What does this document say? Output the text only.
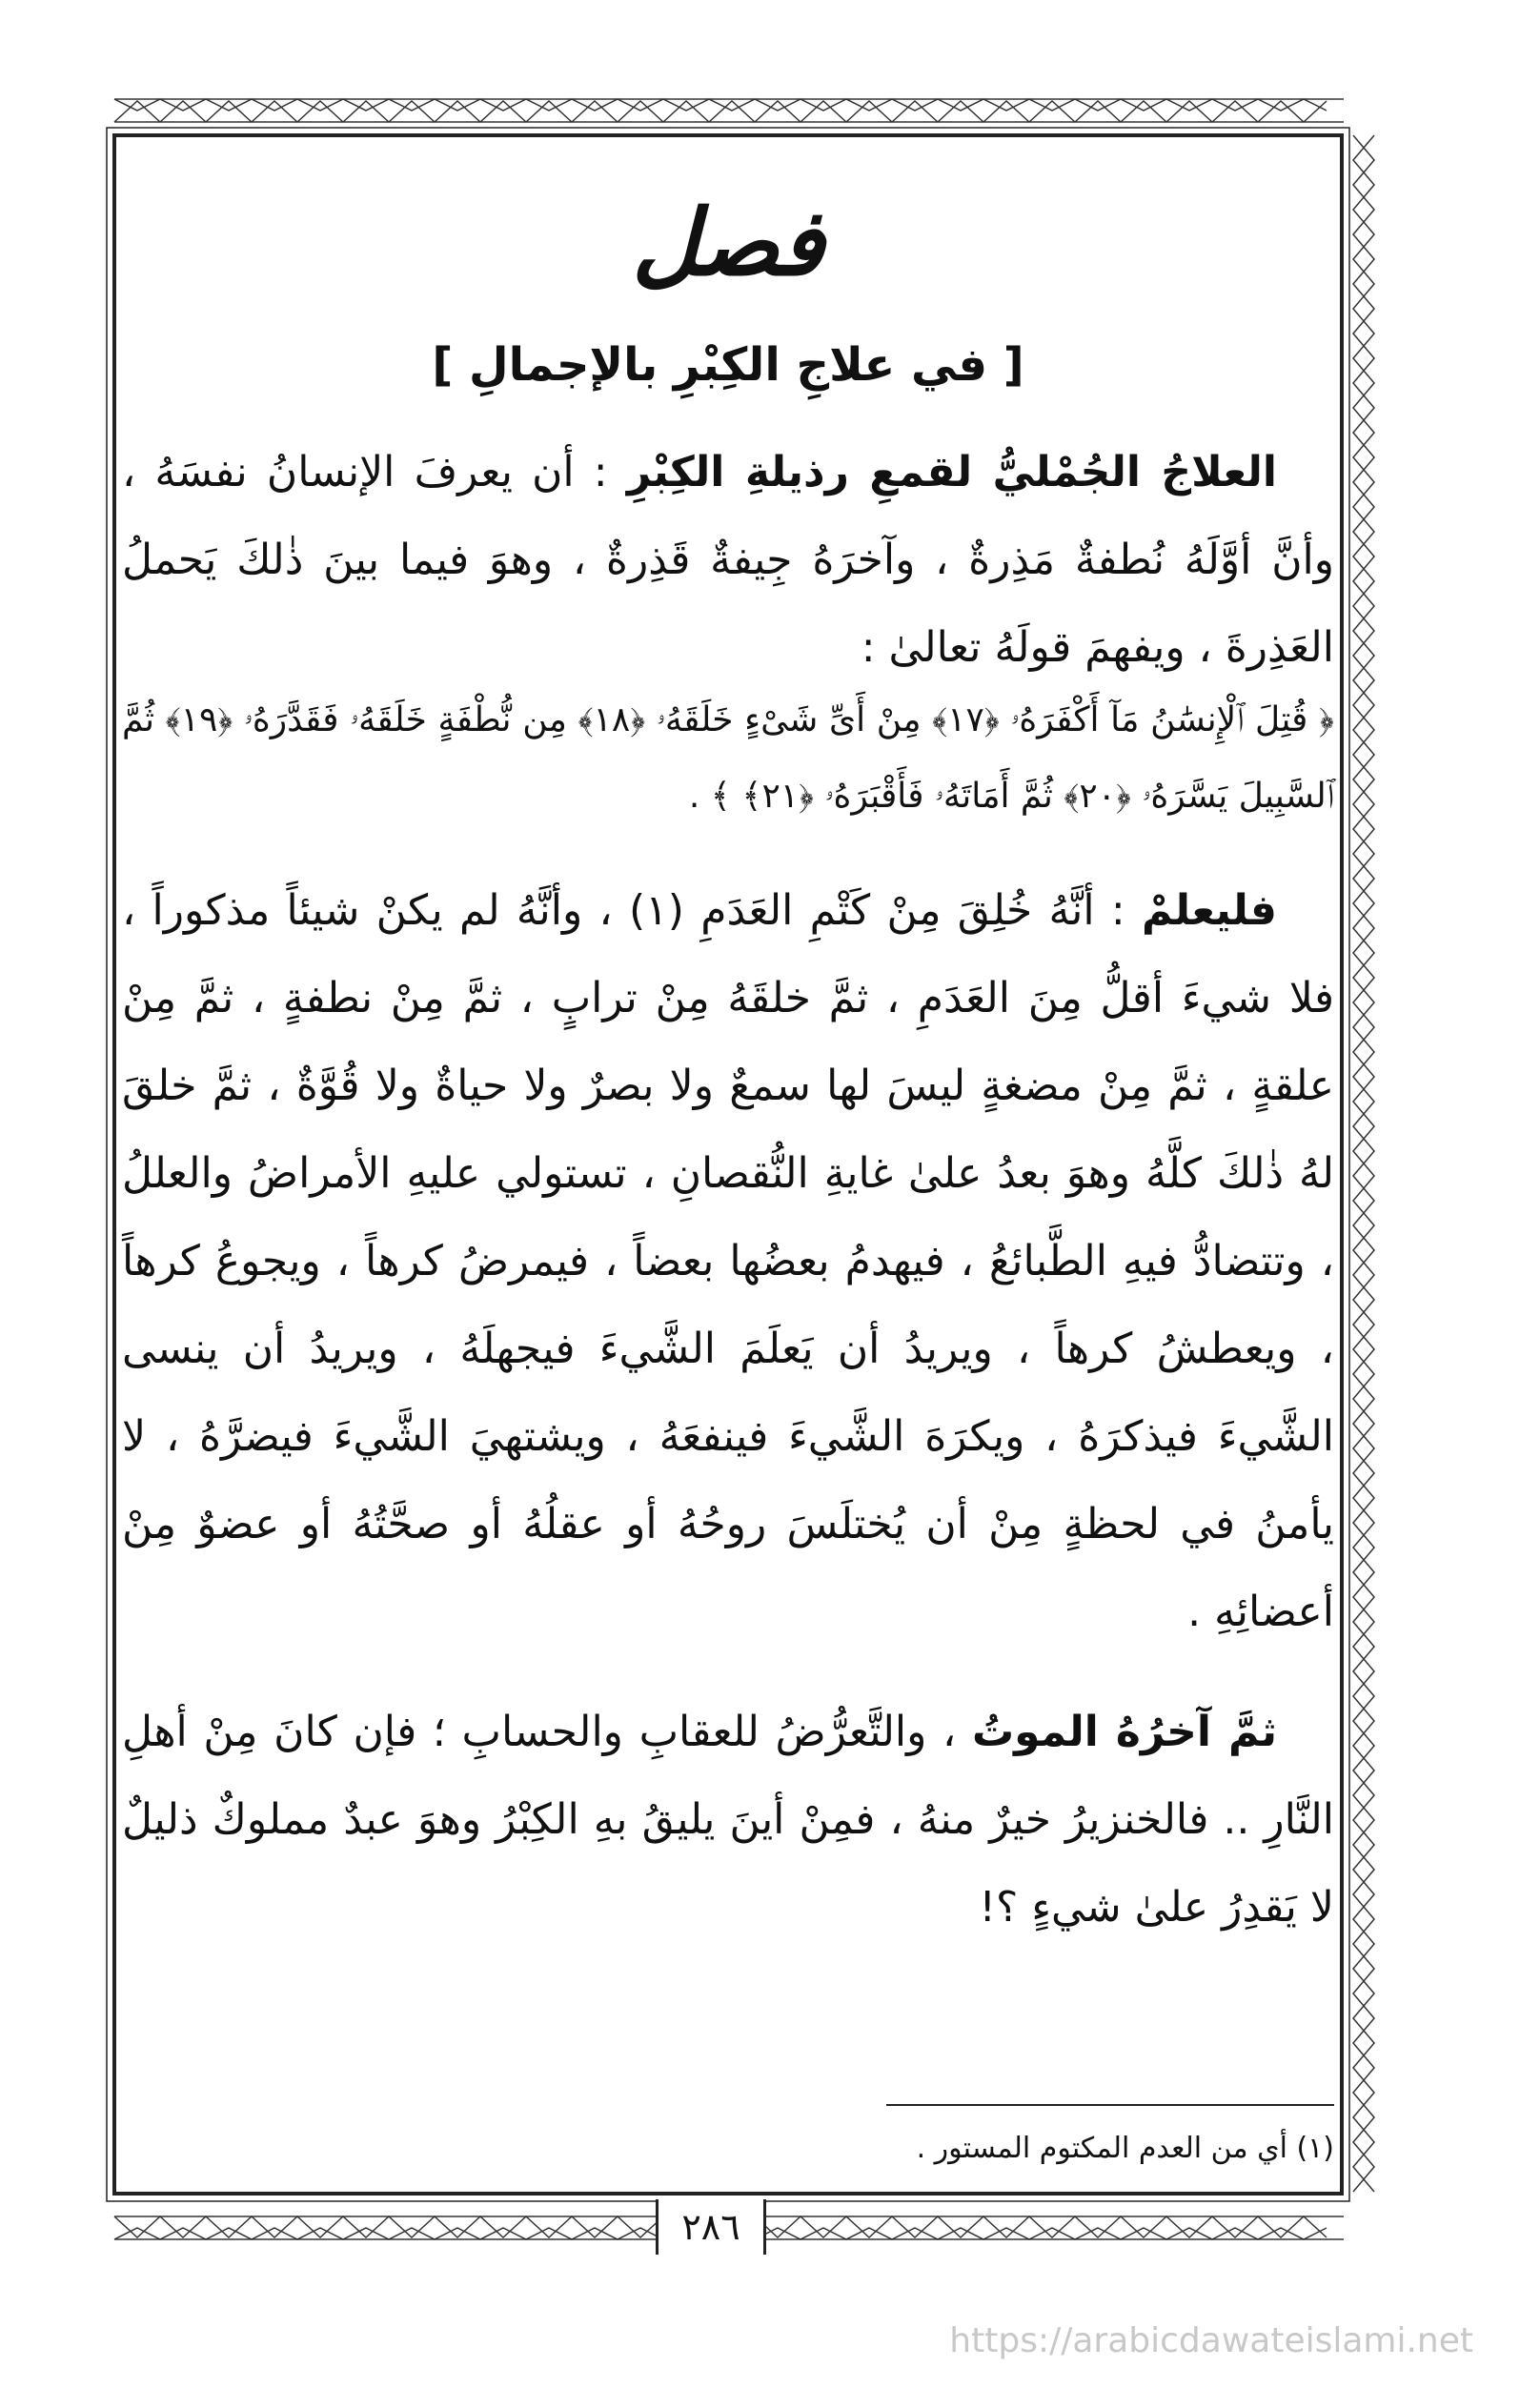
فصل
[ في علاجِ الكِبْرِ بالإجمالِ ]

العلاجُ الجُمْليُّ لقمعِ رذيلةِ الكِبْرِ : أن يعرفَ الإنسانُ نفسَهُ ، وأنَّ أوَّلَهُ نُطفةٌ مَذِرةٌ ، وآخرَهُ جِيفةٌ قَذِرةٌ ، وهوَ فيما بينَ ذٰلكَ يَحملُ العَذِرةَ ، ويفهمَ قولَهُ تعالىٰ :

﴿ قُتِلَ ٱلْإِنسَٰنُ مَآ أَكْفَرَهُۥ ﴿١٧﴾ مِنْ أَىِّ شَىْءٍ خَلَقَهُۥ ﴿١٨﴾ مِن نُّطْفَةٍ خَلَقَهُۥ فَقَدَّرَهُۥ ﴿١٩﴾ ثُمَّ ٱلسَّبِيلَ يَسَّرَهُۥ ﴿٢٠﴾ ثُمَّ أَمَاتَهُۥ فَأَقْبَرَهُۥ ﴿٢١﴾ ﴾ .

فليعلمْ : أنَّهُ خُلِقَ مِنْ كَتْمِ العَدَمِ (١) ، وأنَّهُ لم يكنْ شيئاً مذكوراً ، فلا شيءَ أقلُّ مِنَ العَدَمِ ، ثمَّ خلقَهُ مِنْ ترابٍ ، ثمَّ مِنْ نطفةٍ ، ثمَّ مِنْ علقةٍ ، ثمَّ مِنْ مضغةٍ ليسَ لها سمعٌ ولا بصرٌ ولا حياةٌ ولا قُوَّةٌ ، ثمَّ خلقَ لهُ ذٰلكَ كلَّهُ وهوَ بعدُ علىٰ غايةِ النُّقصانِ ، تستولي عليهِ الأمراضُ والعللُ ، وتتضادُّ فيهِ الطَّبائعُ ، فيهدمُ بعضُها بعضاً ، فيمرضُ كرهاً ، ويجوعُ كرهاً ، ويعطشُ كرهاً ، ويريدُ أن يَعلَمَ الشَّيءَ فيجهلَهُ ، ويريدُ أن ينسى الشَّيءَ فيذكرَهُ ، ويكرَهَ الشَّيءَ فينفعَهُ ، ويشتهيَ الشَّيءَ فيضرَّهُ ، لا يأمنُ في لحظةٍ مِنْ أن يُختلَسَ روحُهُ أو عقلُهُ أو صحَّتُهُ أو عضوٌ مِنْ أعضائِهِ .

ثمَّ آخرُهُ الموتُ ، والتَّعرُّضُ للعقابِ والحسابِ ؛ فإن كانَ مِنْ أهلِ النَّارِ .. فالخنزيرُ خيرٌ منهُ ، فمِنْ أينَ يليقُ بهِ الكِبْرُ وهوَ عبدٌ مملوكٌ ذليلٌ لا يَقدِرُ علىٰ شيءٍ ؟!

(١) أي من العدم المكتوم المستور .
٢٨٦
https://arabicdawateislami.net
